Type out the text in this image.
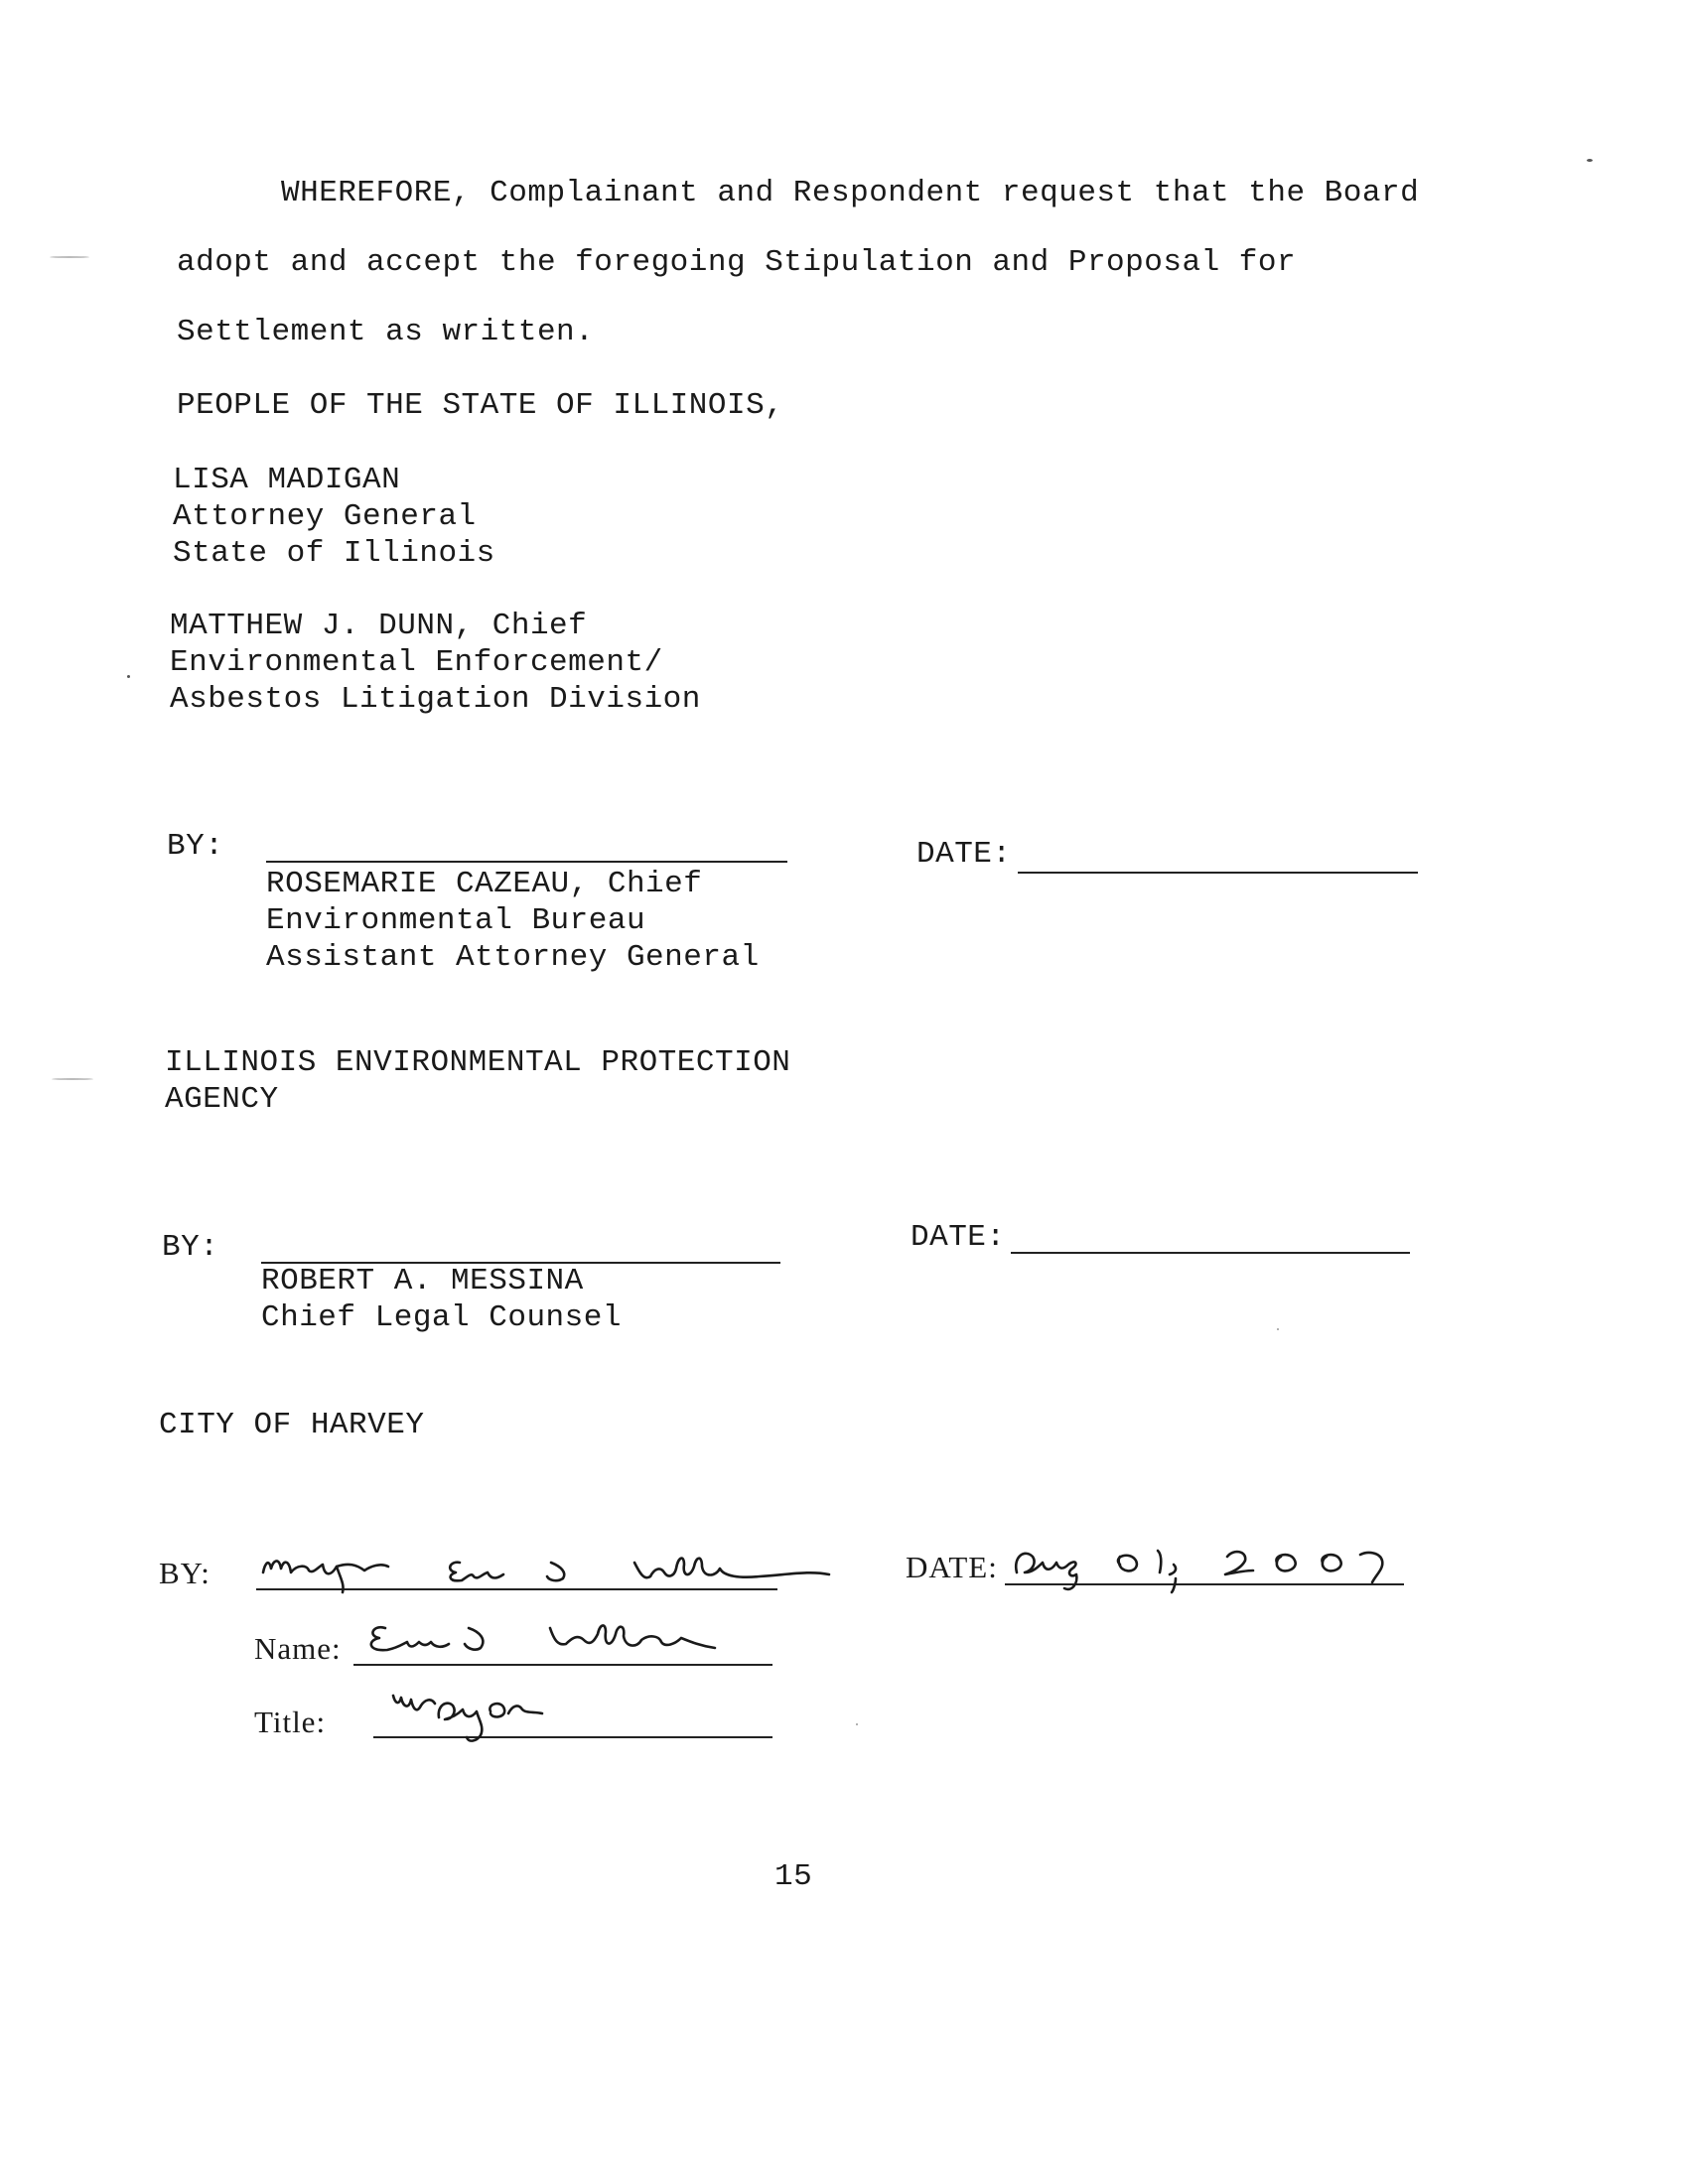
WHEREFORE, Complainant and Respondent request that the Board
adopt and accept the foregoing Stipulation and Proposal for
Settlement as written.
PEOPLE OF THE STATE OF ILLINOIS,
LISA MADIGAN
Attorney General
State of Illinois
MATTHEW J. DUNN, Chief
Environmental Enforcement/
Asbestos Litigation Division
BY:	DATE:
ROSEMARIE CAZEAU, Chief
Environmental Bureau
Assistant Attorney General
ILLINOIS ENVIRONMENTAL PROTECTION
AGENCY
BY:	DATE:
ROBERT A. MESSINA
Chief Legal Counsel
CITY OF HARVEY
BY:	DATE:
Name:
Title:
15
